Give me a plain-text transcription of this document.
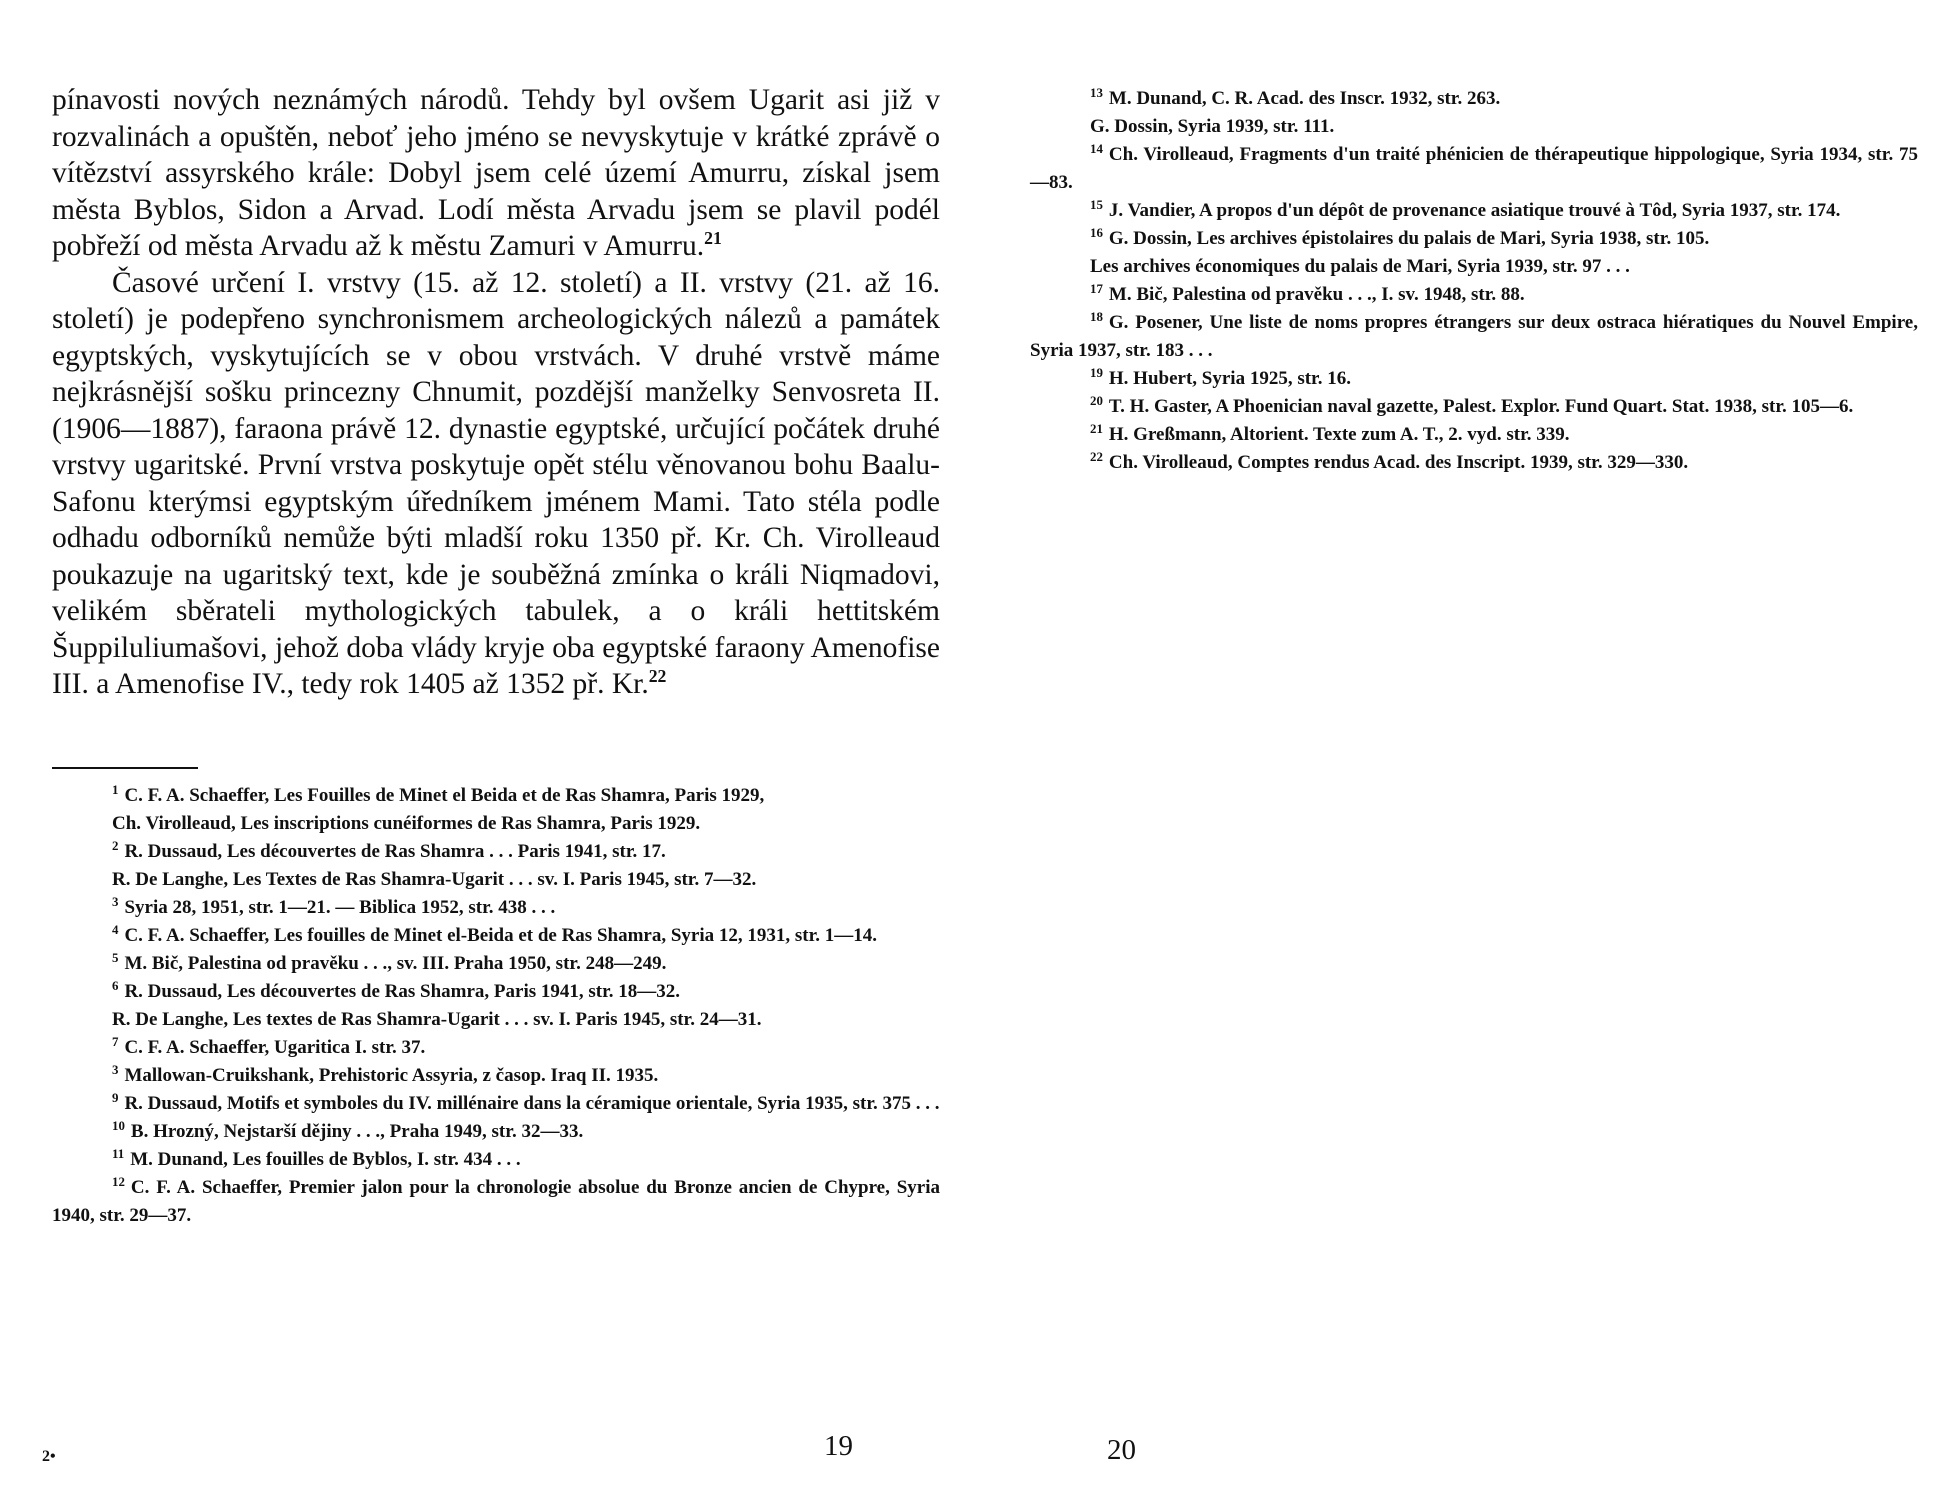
pínavosti nových neznámých národů. Tehdy byl ovšem Ugarit asi již v rozvalinách a opuštěn, neboť jeho jméno se nevyskytuje v krátké zprávě o vítězství assyrského krále: Dobyl jsem celé území Amurru, získal jsem města Byblos, Sidon a Arvad. Lodí města Arvadu jsem se plavil podél pobřeží od města Arvadu až k městu Zamuri v Amurru.$^{21}$

Časové určení I. vrstvy (15. až 12. století) a II. vrstvy (21. až 16. století) je podepřeno synchronismem archeologických nálezů a památek egyptských, vyskytujících se v obou vrstvách. V druhé vrstvě máme nejkrásnější sošku princezny Chnumit, pozdější manželky Senvosreta II. (1906—1887), faraona právě 12. dynastie egyptské, určující počátek druhé vrstvy ugaritské. První vrstva poskytuje opět stélu věnovanou bohu Baalu-Safonu kterýmsi egyptským úředníkem jménem Mami. Tato stéla podle odhadu odborníků nemůže býti mladší roku 1350 př. Kr. Ch. Virolleaud poukazuje na ugaritský text, kde je souběžná zmínka o králi Niqmadovi, velikém sběrateli mythologických tabulek, a o králi hettitském Šuppiluliumašovi, jehož doba vlády kryje oba egyptské faraony Amenofise III. a Amenofise IV., tedy rok 1405 až 1352 př. Kr.$^{22}$

$^1$ C. F. A. Schaeffer, Les Fouilles de Minet el Beida et de Ras Shamra, Paris 1929,
Ch. Virolleaud, Les inscriptions cunéiformes de Ras Shamra, Paris 1929.
$^2$ R. Dussaud, Les découvertes de Ras Shamra . . . Paris 1941, str. 17.
R. De Langhe, Les Textes de Ras Shamra-Ugarit . . . sv. I. Paris 1945, str. 7—32.
$^3$ Syria 28, 1951, str. 1—21. — Biblica 1952, str. 438 . . .
$^4$ C. F. A. Schaeffer, Les fouilles de Minet el-Beida et de Ras Shamra, Syria 12, 1931, str. 1—14.
$^5$ M. Bič, Palestina od pravěku . . ., sv. III. Praha 1950, str. 248—249.
$^6$ R. Dussaud, Les découvertes de Ras Shamra, Paris 1941, str. 18—32.
R. De Langhe, Les textes de Ras Shamra-Ugarit . . . sv. I. Paris 1945, str. 24—31.
$^7$ C. F. A. Schaeffer, Ugaritica I. str. 37.
$^3$ Mallowan-Cruikshank, Prehistoric Assyria, z časop. Iraq II. 1935.
$^9$ R. Dussaud, Motifs et symboles du IV. millénaire dans la céramique orientale, Syria 1935, str. 375 . . .
$^{10}$ B. Hrozný, Nejstarší dějiny . . ., Praha 1949, str. 32—33.
$^{11}$ M. Dunand, Les fouilles de Byblos, I. str. 434 . . .
$^{12}$ C. F. A. Schaeffer, Premier jalon pour la chronologie absolue du Bronze ancien de Chypre, Syria 1940, str. 29—37.
19
$^{13}$ M. Dunand, C. R. Acad. des Inscr. 1932, str. 263.
G. Dossin, Syria 1939, str. 111.
$^{14}$ Ch. Virolleaud, Fragments d'un traité phénicien de thérapeutique hippologique, Syria 1934, str. 75—83.
$^{15}$ J. Vandier, A propos d'un dépôt de provenance asiatique trouvé à Tôd, Syria 1937, str. 174.
$^{16}$ G. Dossin, Les archives épistolaires du palais de Mari, Syria 1938, str. 105.
Les archives économiques du palais de Mari, Syria 1939, str. 97 . . .
$^{17}$ M. Bič, Palestina od pravěku . . ., I. sv. 1948, str. 88.
$^{18}$ G. Posener, Une liste de noms propres étrangers sur deux ostraca hiératiques du Nouvel Empire, Syria 1937, str. 183 . . .
$^{19}$ H. Hubert, Syria 1925, str. 16.
$^{20}$ T. H. Gaster, A Phoenician naval gazette, Palest. Explor. Fund Quart. Stat. 1938, str. 105—6.
$^{21}$ H. Greßmann, Altorient. Texte zum A. T., 2. vyd. str. 339.
$^{22}$ Ch. Virolleaud, Comptes rendus Acad. des Inscript. 1939, str. 329—330.
20
2•
